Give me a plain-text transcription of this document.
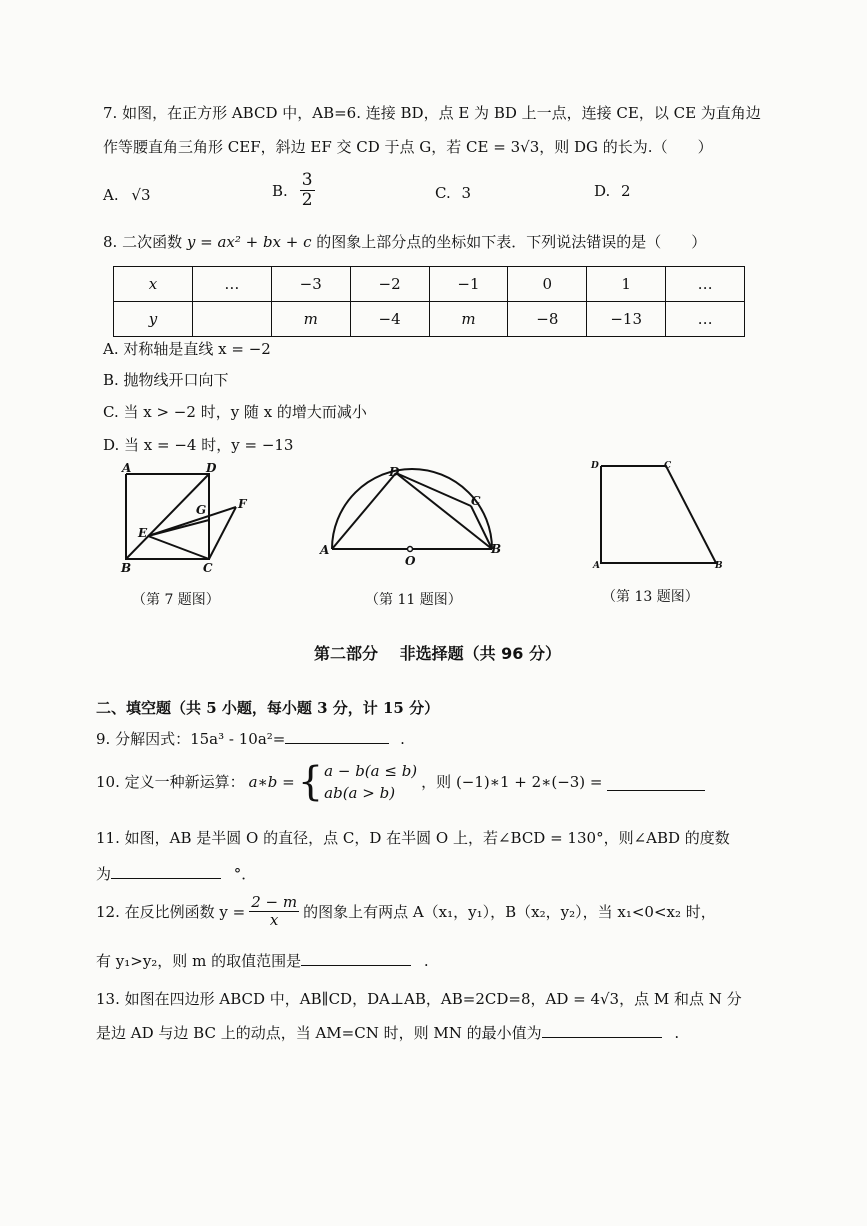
7. 如图，在正方形 ABCD 中，AB=6. 连接 BD，点 E 为 BD 上一点，连接 CE，以 CE 为直角边
作等腰直角三角形 CEF，斜边 EF 交 CD 于点 G，若 CE = 3√3，则 DG 的长为.（　　）
A. √3	B. $\frac{3}{2}$	C. 3	D. 2
8. 二次函数 y = ax² + bx + c 的图象上部分点的坐标如下表．下列说法错误的是（　　）
x	…	−3	−2	−1	0	1	…
y		m	−4	m	−8	−13	…
A. 对称轴是直线 x = −2
B. 抛物线开口向下
C. 当 x > −2 时，y 随 x 的增大而减小
D. 当 x = −4 时，y = −13
A	D
G	F
E
B	C
（第 7 题图）
D
C
A
O
B
（第 11 题图）
D	C
A	B
（第 13 题图）
第二部分　 非选择题（共 96 分）
二、填空题（共 5 小题，每小题 3 分，计 15 分）
9. 分解因式：15a³ - 10a²=	.
10. 定义一种新运算： a∗b = { a − b(a ≤ b)
ab(a > b)
，则 (−1)∗1 + 2∗(−3) =
11. 如图，AB 是半圆 O 的直径，点 C，D 在半圆 O 上，若∠BCD = 130°，则∠ABD 的度数
为	°．
12. 在反比例函数 $y = \frac{2 - m}{x}$ 的图象上有两点 A（x₁，y₁），B（x₂，y₂），当 x₁<0<x₂ 时，
有 y₁>y₂，则 m 的取值范围是	.
13. 如图在四边形 ABCD 中，AB∥CD，DA⊥AB，AB=2CD=8，AD = 4√3，点 M 和点 N 分
是边 AD 与边 BC 上的动点，当 AM=CN 时，则 MN 的最小值为	.
